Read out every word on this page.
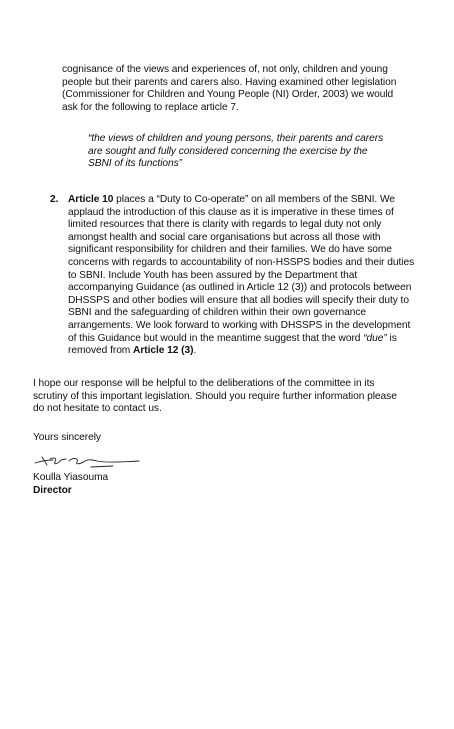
cognisance of the views and experiences of, not only, children and young
people but their parents and carers also. Having examined other legislation
(Commissioner for Children and Young People (NI) Order, 2003) we would
ask for the following to replace article 7.
“the views of children and young persons, their parents and carers
are sought and fully considered concerning the exercise by the
SBNI of its functions”
2. Article 10 places a “Duty to Co-operate” on all members of the SBNI. We
applaud the introduction of this clause as it is imperative in these times of
limited resources that there is clarity with regards to legal duty not only
amongst health and social care organisations but across all those with
significant responsibility for children and their families. We do have some
concerns with regards to accountability of non-HSSPS bodies and their duties
to SBNI. Include Youth has been assured by the Department that
accompanying Guidance (as outlined in Article 12 (3)) and protocols between
DHSSPS and other bodies will ensure that all bodies will specify their duty to
SBNI and the safeguarding of children within their own governance
arrangements. We look forward to working with DHSSPS in the development
of this Guidance but would in the meantime suggest that the word “due” is
removed from Article 12 (3).
I hope our response will be helpful to the deliberations of the committee in its
scrutiny of this important legislation. Should you require further information please
do not hesitate to contact us.
Yours sincerely
Koulla Yiasouma
Director
